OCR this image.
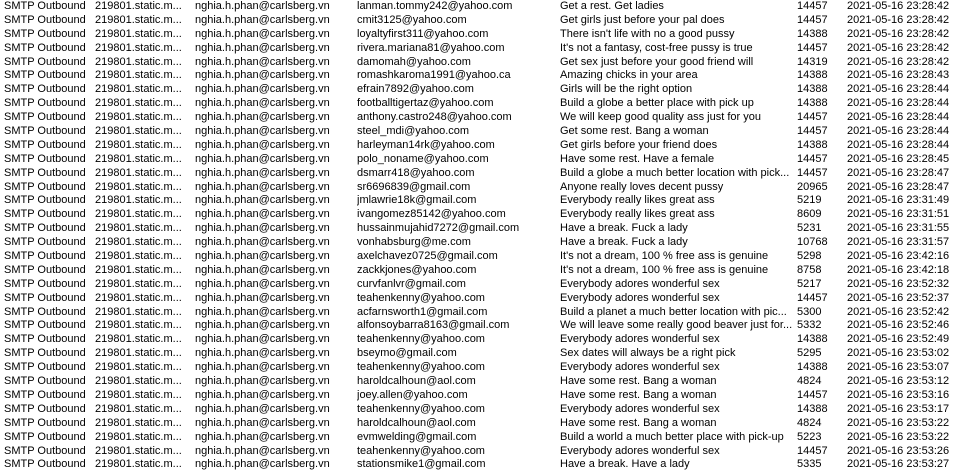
SMTP Outbound 219801.static.m...	nghia.h.phan@carlsberg.vn	lanman.tommy242@yahoo.com	Get a rest. Get ladies	14457	2021-05-16 23:28:42
SMTP Outbound 219801.static.m...	nghia.h.phan@carlsberg.vn	cmit3125@yahoo.com	Get girls just before your pal does	14457	2021-05-16 23:28:42
SMTP Outbound 219801.static.m...	nghia.h.phan@carlsberg.vn	loyaltyfirst311@yahoo.com	There isn't life with no a good pussy	14388	2021-05-16 23:28:42
SMTP Outbound 219801.static.m...	nghia.h.phan@carlsberg.vn	rivera.mariana81@yahoo.com	It's not a fantasy, cost-free pussy is true	14457	2021-05-16 23:28:42
SMTP Outbound 219801.static.m...	nghia.h.phan@carlsberg.vn	damomah@yahoo.com	Get sex just before your good friend will	14319	2021-05-16 23:28:42
SMTP Outbound 219801.static.m...	nghia.h.phan@carlsberg.vn	romashkaroma1991@yahoo.ca	Amazing chicks in your area	14388	2021-05-16 23:28:43
SMTP Outbound 219801.static.m...	nghia.h.phan@carlsberg.vn	efrain7892@yahoo.com	Girls will be the right option	14388	2021-05-16 23:28:44
SMTP Outbound 219801.static.m...	nghia.h.phan@carlsberg.vn	footballtigertaz@yahoo.com	Build a globe a better place with pick up	14388	2021-05-16 23:28:44
SMTP Outbound 219801.static.m...	nghia.h.phan@carlsberg.vn	anthony.castro248@yahoo.com	We will keep good quality ass just for you	14457	2021-05-16 23:28:44
SMTP Outbound 219801.static.m...	nghia.h.phan@carlsberg.vn	steel_mdi@yahoo.com	Get some rest. Bang a woman	14457	2021-05-16 23:28:44
SMTP Outbound 219801.static.m...	nghia.h.phan@carlsberg.vn	harleyman14rk@yahoo.com	Get girls before your friend does	14388	2021-05-16 23:28:44
SMTP Outbound 219801.static.m...	nghia.h.phan@carlsberg.vn	polo_noname@yahoo.com	Have some rest. Have a female	14457	2021-05-16 23:28:45
SMTP Outbound 219801.static.m...	nghia.h.phan@carlsberg.vn	dsmarr418@yahoo.com	Build a globe a much better location with pick... 14457	2021-05-16 23:28:47
SMTP Outbound 219801.static.m...	nghia.h.phan@carlsberg.vn	sr6696839@gmail.com	Anyone really loves decent pussy	20965	2021-05-16 23:28:47
SMTP Outbound 219801.static.m...	nghia.h.phan@carlsberg.vn	jmlawrie18k@gmail.com	Everybody really likes great ass	5219	2021-05-16 23:31:49
SMTP Outbound 219801.static.m...	nghia.h.phan@carlsberg.vn	ivangomez85142@yahoo.com	Everybody really likes great ass	8609	2021-05-16 23:31:51
SMTP Outbound 219801.static.m...	nghia.h.phan@carlsberg.vn	hussainmujahid7272@gmail.com	Have a break. Fuck a lady	5231	2021-05-16 23:31:55
SMTP Outbound 219801.static.m...	nghia.h.phan@carlsberg.vn	vonhabsburg@me.com	Have a break. Fuck a lady	10768	2021-05-16 23:31:57
SMTP Outbound 219801.static.m...	nghia.h.phan@carlsberg.vn	axelchavez0725@gmail.com	It's not a dream, 100 % free ass is genuine	5298	2021-05-16 23:42:16
SMTP Outbound 219801.static.m...	nghia.h.phan@carlsberg.vn	zackkjones@yahoo.com	It's not a dream, 100 % free ass is genuine	8758	2021-05-16 23:42:18
SMTP Outbound 219801.static.m...	nghia.h.phan@carlsberg.vn	curvfanlvr@gmail.com	Everybody adores wonderful sex	5217	2021-05-16 23:52:32
SMTP Outbound 219801.static.m...	nghia.h.phan@carlsberg.vn	teahenkenny@yahoo.com	Everybody adores wonderful sex	14457	2021-05-16 23:52:37
SMTP Outbound 219801.static.m...	nghia.h.phan@carlsberg.vn	acfarnsworth1@gmail.com	Build a planet a much better location with pic... 5300	2021-05-16 23:52:42
SMTP Outbound 219801.static.m...	nghia.h.phan@carlsberg.vn	alfonsoybarra8163@gmail.com	We will leave some really good beaver just for... 5332	2021-05-16 23:52:46
SMTP Outbound 219801.static.m...	nghia.h.phan@carlsberg.vn	teahenkenny@yahoo.com	Everybody adores wonderful sex	14388	2021-05-16 23:52:49
SMTP Outbound 219801.static.m...	nghia.h.phan@carlsberg.vn	bseymo@gmail.com	Sex dates will always be a right pick	5295	2021-05-16 23:53:02
SMTP Outbound 219801.static.m...	nghia.h.phan@carlsberg.vn	teahenkenny@yahoo.com	Everybody adores wonderful sex	14388	2021-05-16 23:53:07
SMTP Outbound 219801.static.m...	nghia.h.phan@carlsberg.vn	haroldcalhoun@aol.com	Have some rest. Bang a woman	4824	2021-05-16 23:53:12
SMTP Outbound 219801.static.m...	nghia.h.phan@carlsberg.vn	joey.allen@yahoo.com	Have some rest. Bang a woman	14457	2021-05-16 23:53:16
SMTP Outbound 219801.static.m...	nghia.h.phan@carlsberg.vn	teahenkenny@yahoo.com	Everybody adores wonderful sex	14388	2021-05-16 23:53:17
SMTP Outbound 219801.static.m...	nghia.h.phan@carlsberg.vn	haroldcalhoun@aol.com	Have some rest. Bang a woman	4824	2021-05-16 23:53:22
SMTP Outbound 219801.static.m...	nghia.h.phan@carlsberg.vn	evmwelding@gmail.com	Build a world a much better place with pick-up	5223	2021-05-16 23:53:22
SMTP Outbound 219801.static.m...	nghia.h.phan@carlsberg.vn	teahenkenny@yahoo.com	Everybody adores wonderful sex	14457	2021-05-16 23:53:26
SMTP Outbound 219801.static.m...	nghia.h.phan@carlsberg.vn	stationsmike1@gmail.com	Have a break. Have a lady	5335	2021-05-16 23:53:27
